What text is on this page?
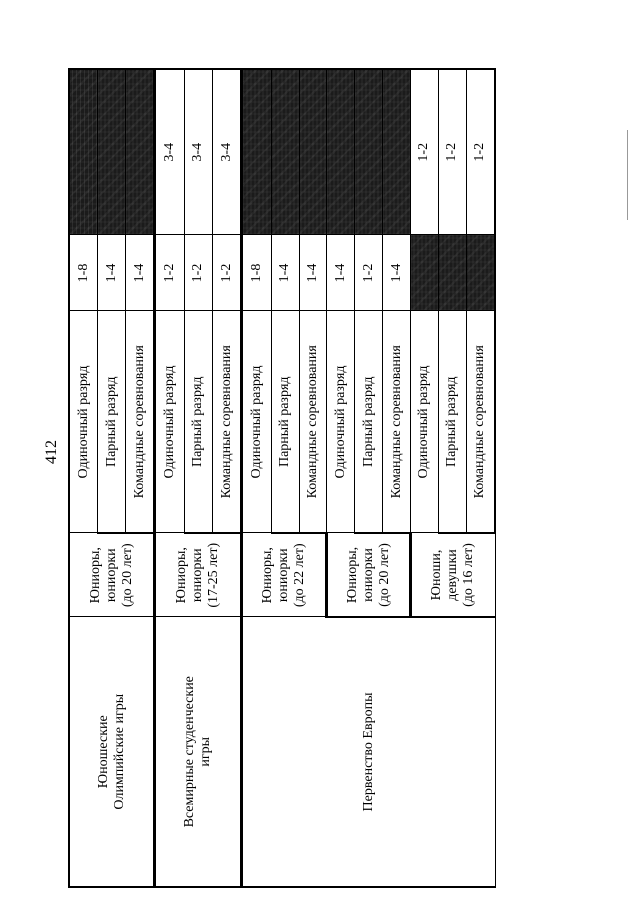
412
Юношеские
Олимпийские игры	Юниоры,
юниорки
(до 20 лет)	Одиночный разряд	1-8	
		Парный разряд	1-4	
		Командные соревнования	1-4	
Всемирные студенческие
игры	Юниоры,
юниорки
(17-25 лет)	Одиночный разряд	1-2	3-4
		Парный разряд	1-2	3-4
		Командные соревнования	1-2	3-4
Первенство Европы	Юниоры,
юниорки
(до 22 лет)	Одиночный разряд	1-8	
		Парный разряд	1-4	
		Командные соревнования	1-4	
	Юниоры,
юниорки
(до 20 лет)	Одиночный разряд	1-4	
		Парный разряд	1-2	
		Командные соревнования	1-4	
	Юноши,
девушки
(до 16 лет)	Одиночный разряд		1-2
		Парный разряд		1-2
		Командные соревнования		1-2
